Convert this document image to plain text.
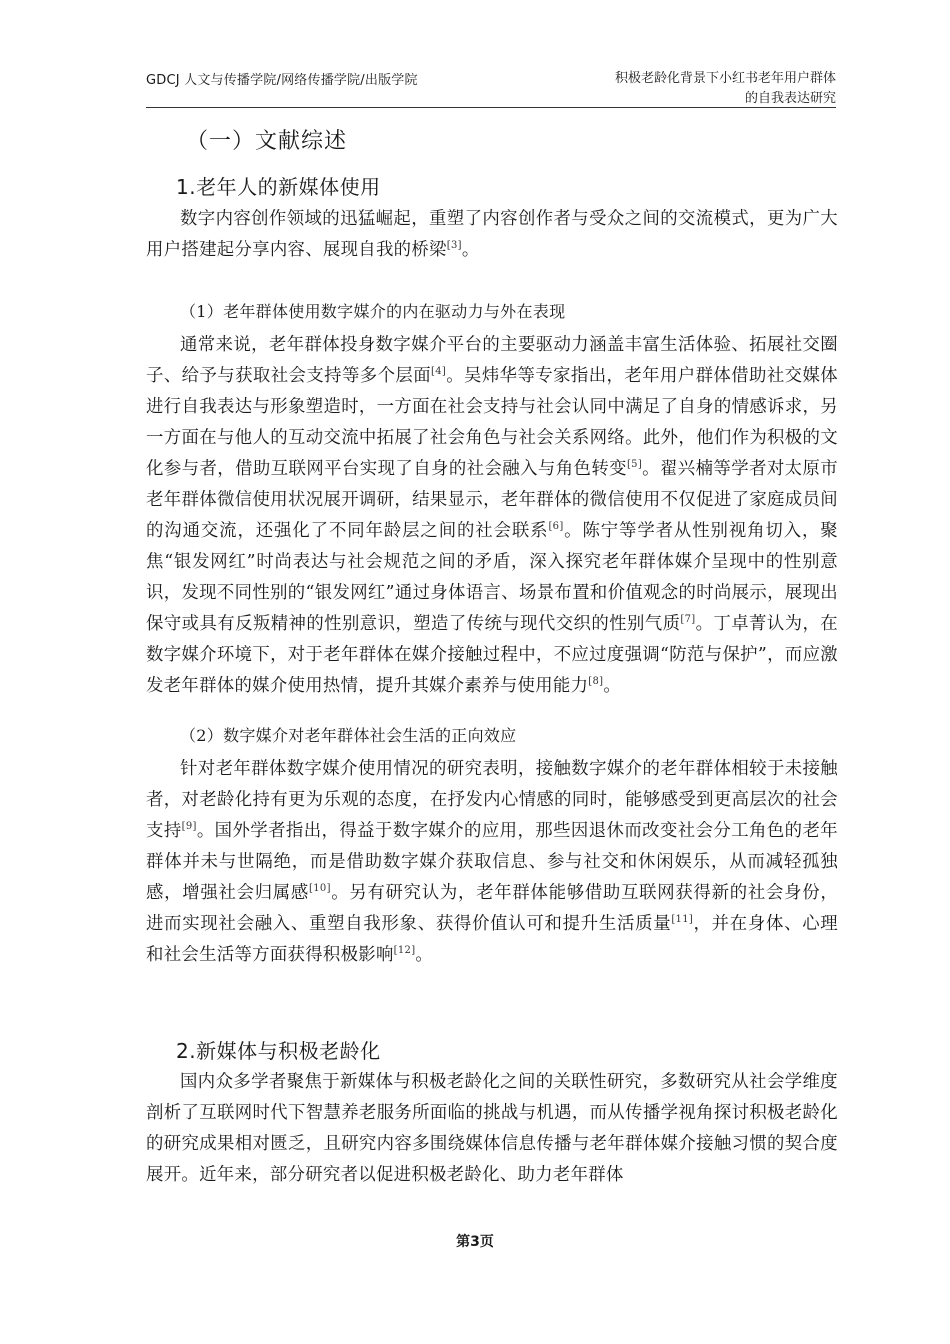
GDCJ 人文与传播学院/网络传播学院/出版学院	积极老龄化背景下小红书老年用户群体
的自我表达研究
（一）文献综述
1.老年人的新媒体使用
数字内容创作领域的迅猛崛起，重塑了内容创作者与受众之间的交流模式，更为广大用户搭建起分享内容、展现自我的桥梁[3]。
（1）老年群体使用数字媒介的内在驱动力与外在表现
通常来说，老年群体投身数字媒介平台的主要驱动力涵盖丰富生活体验、拓展社交圈子、给予与获取社会支持等多个层面[4]。吴炜华等专家指出，老年用户群体借助社交媒体进行自我表达与形象塑造时，一方面在社会支持与社会认同中满足了自身的情感诉求，另一方面在与他人的互动交流中拓展了社会角色与社会关系网络。此外，他们作为积极的文化参与者，借助互联网平台实现了自身的社会融入与角色转变[5]。翟兴楠等学者对太原市老年群体微信使用状况展开调研，结果显示，老年群体的微信使用不仅促进了家庭成员间的沟通交流，还强化了不同年龄层之间的社会联系[6]。陈宁等学者从性别视角切入，聚焦“银发网红”时尚表达与社会规范之间的矛盾，深入探究老年群体媒介呈现中的性别意识，发现不同性别的“银发网红”通过身体语言、场景布置和价值观念的时尚展示，展现出保守或具有反叛精神的性别意识，塑造了传统与现代交织的性别气质[7]。丁卓菁认为，在数字媒介环境下，对于老年群体在媒介接触过程中，不应过度强调“防范与保护”，而应激发老年群体的媒介使用热情，提升其媒介素养与使用能力[8]。
（2）数字媒介对老年群体社会生活的正向效应
针对老年群体数字媒介使用情况的研究表明，接触数字媒介的老年群体相较于未接触者，对老龄化持有更为乐观的态度，在抒发内心情感的同时，能够感受到更高层次的社会支持[9]。国外学者指出，得益于数字媒介的应用，那些因退休而改变社会分工角色的老年群体并未与世隔绝，而是借助数字媒介获取信息、参与社交和休闲娱乐，从而减轻孤独感，增强社会归属感[10]。另有研究认为，老年群体能够借助互联网获得新的社会身份，进而实现社会融入、重塑自我形象、获得价值认可和提升生活质量[11]，并在身体、心理和社会生活等方面获得积极影响[12]。
2.新媒体与积极老龄化
国内众多学者聚焦于新媒体与积极老龄化之间的关联性研究，多数研究从社会学维度剖析了互联网时代下智慧养老服务所面临的挑战与机遇，而从传播学视角探讨积极老龄化的研究成果相对匮乏，且研究内容多围绕媒体信息传播与老年群体媒介接触习惯的契合度展开。近年来，部分研究者以促进积极老龄化、助力老年群体
第3页
